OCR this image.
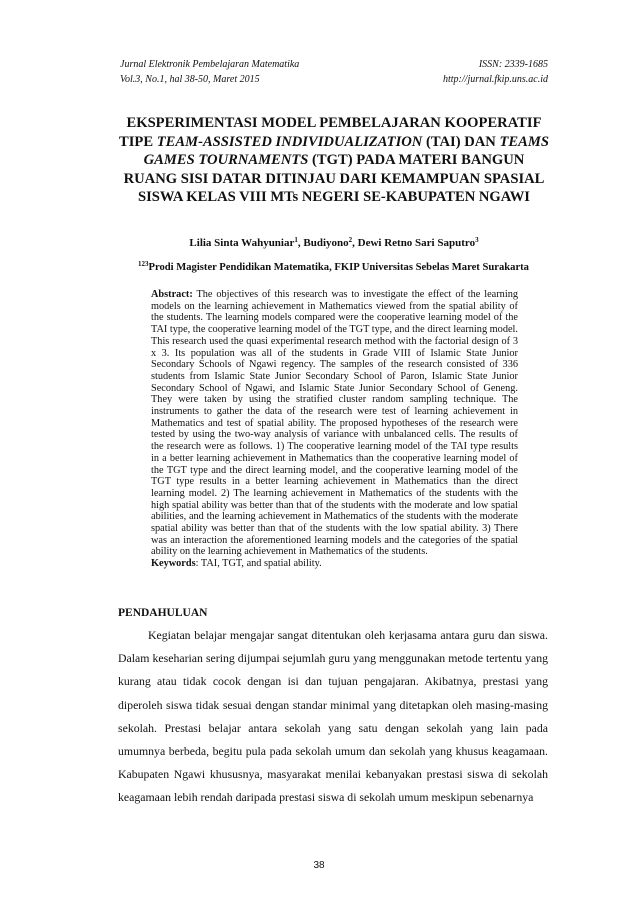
Jurnal Elektronik Pembelajaran Matematika	ISSN: 2339-1685
Vol.3, No.1, hal 38-50, Maret 2015	http://jurnal.fkip.uns.ac.id
EKSPERIMENTASI MODEL PEMBELAJARAN KOOPERATIF TIPE TEAM-ASSISTED INDIVIDUALIZATION (TAI) DAN TEAMS GAMES TOURNAMENTS (TGT) PADA MATERI BANGUN RUANG SISI DATAR DITINJAU DARI KEMAMPUAN SPASIAL SISWA KELAS VIII MTs NEGERI SE-KABUPATEN NGAWI
Lilia Sinta Wahyuniar$^1$, Budiyono$^2$, Dewi Retno Sari Saputro$^3$
$^{123}$Prodi Magister Pendidikan Matematika, FKIP Universitas Sebelas Maret Surakarta

Abstract: The objectives of this research was to investigate the effect of the learning models on the learning achievement in Mathematics viewed from the spatial ability of the students. The learning models compared were the cooperative learning model of the TAI type, the cooperative learning model of the TGT type, and the direct learning model. This research used the quasi experimental research method with the factorial design of 3 x 3. Its population was all of the students in Grade VIII of Islamic State Junior Secondary Schools of Ngawi regency. The samples of the research consisted of 336 students from Islamic State Junior Secondary School of Paron, Islamic State Junior Secondary School of Ngawi, and Islamic State Junior Secondary School of Geneng. They were taken by using the stratified cluster random sampling technique. The instruments to gather the data of the research were test of learning achievement in Mathematics and test of spatial ability. The proposed hypotheses of the research were tested by using the two-way analysis of variance with unbalanced cells. The results of the research were as follows. 1) The cooperative learning model of the TAI type results in a better learning achievement in Mathematics than the cooperative learning model of the TGT type and the direct learning model, and the cooperative learning model of the TGT type results in a better learning achievement in Mathematics than the direct learning model. 2) The learning achievement in Mathematics of the students with the high spatial ability was better than that of the students with the moderate and low spatial abilities, and the learning achievement in Mathematics of the students with the moderate spatial ability was better than that of the students with the low spatial ability. 3) There was an interaction the aforementioned learning models and the categories of the spatial ability on the learning achievement in Mathematics of the students.

Keywords: TAI, TGT, and spatial ability.

PENDAHULUAN

Kegiatan belajar mengajar sangat ditentukan oleh kerjasama antara guru dan siswa. Dalam keseharian sering dijumpai sejumlah guru yang menggunakan metode tertentu yang kurang atau tidak cocok dengan isi dan tujuan pengajaran. Akibatnya, prestasi yang diperoleh siswa tidak sesuai dengan standar minimal yang ditetapkan oleh masing-masing sekolah. Prestasi belajar antara sekolah yang satu dengan sekolah yang lain pada umumnya berbeda, begitu pula pada sekolah umum dan sekolah yang khusus keagamaan. Kabupaten Ngawi khususnya, masyarakat menilai kebanyakan prestasi siswa di sekolah keagamaan lebih rendah daripada prestasi siswa di sekolah umum meskipun sebenarnya

38
